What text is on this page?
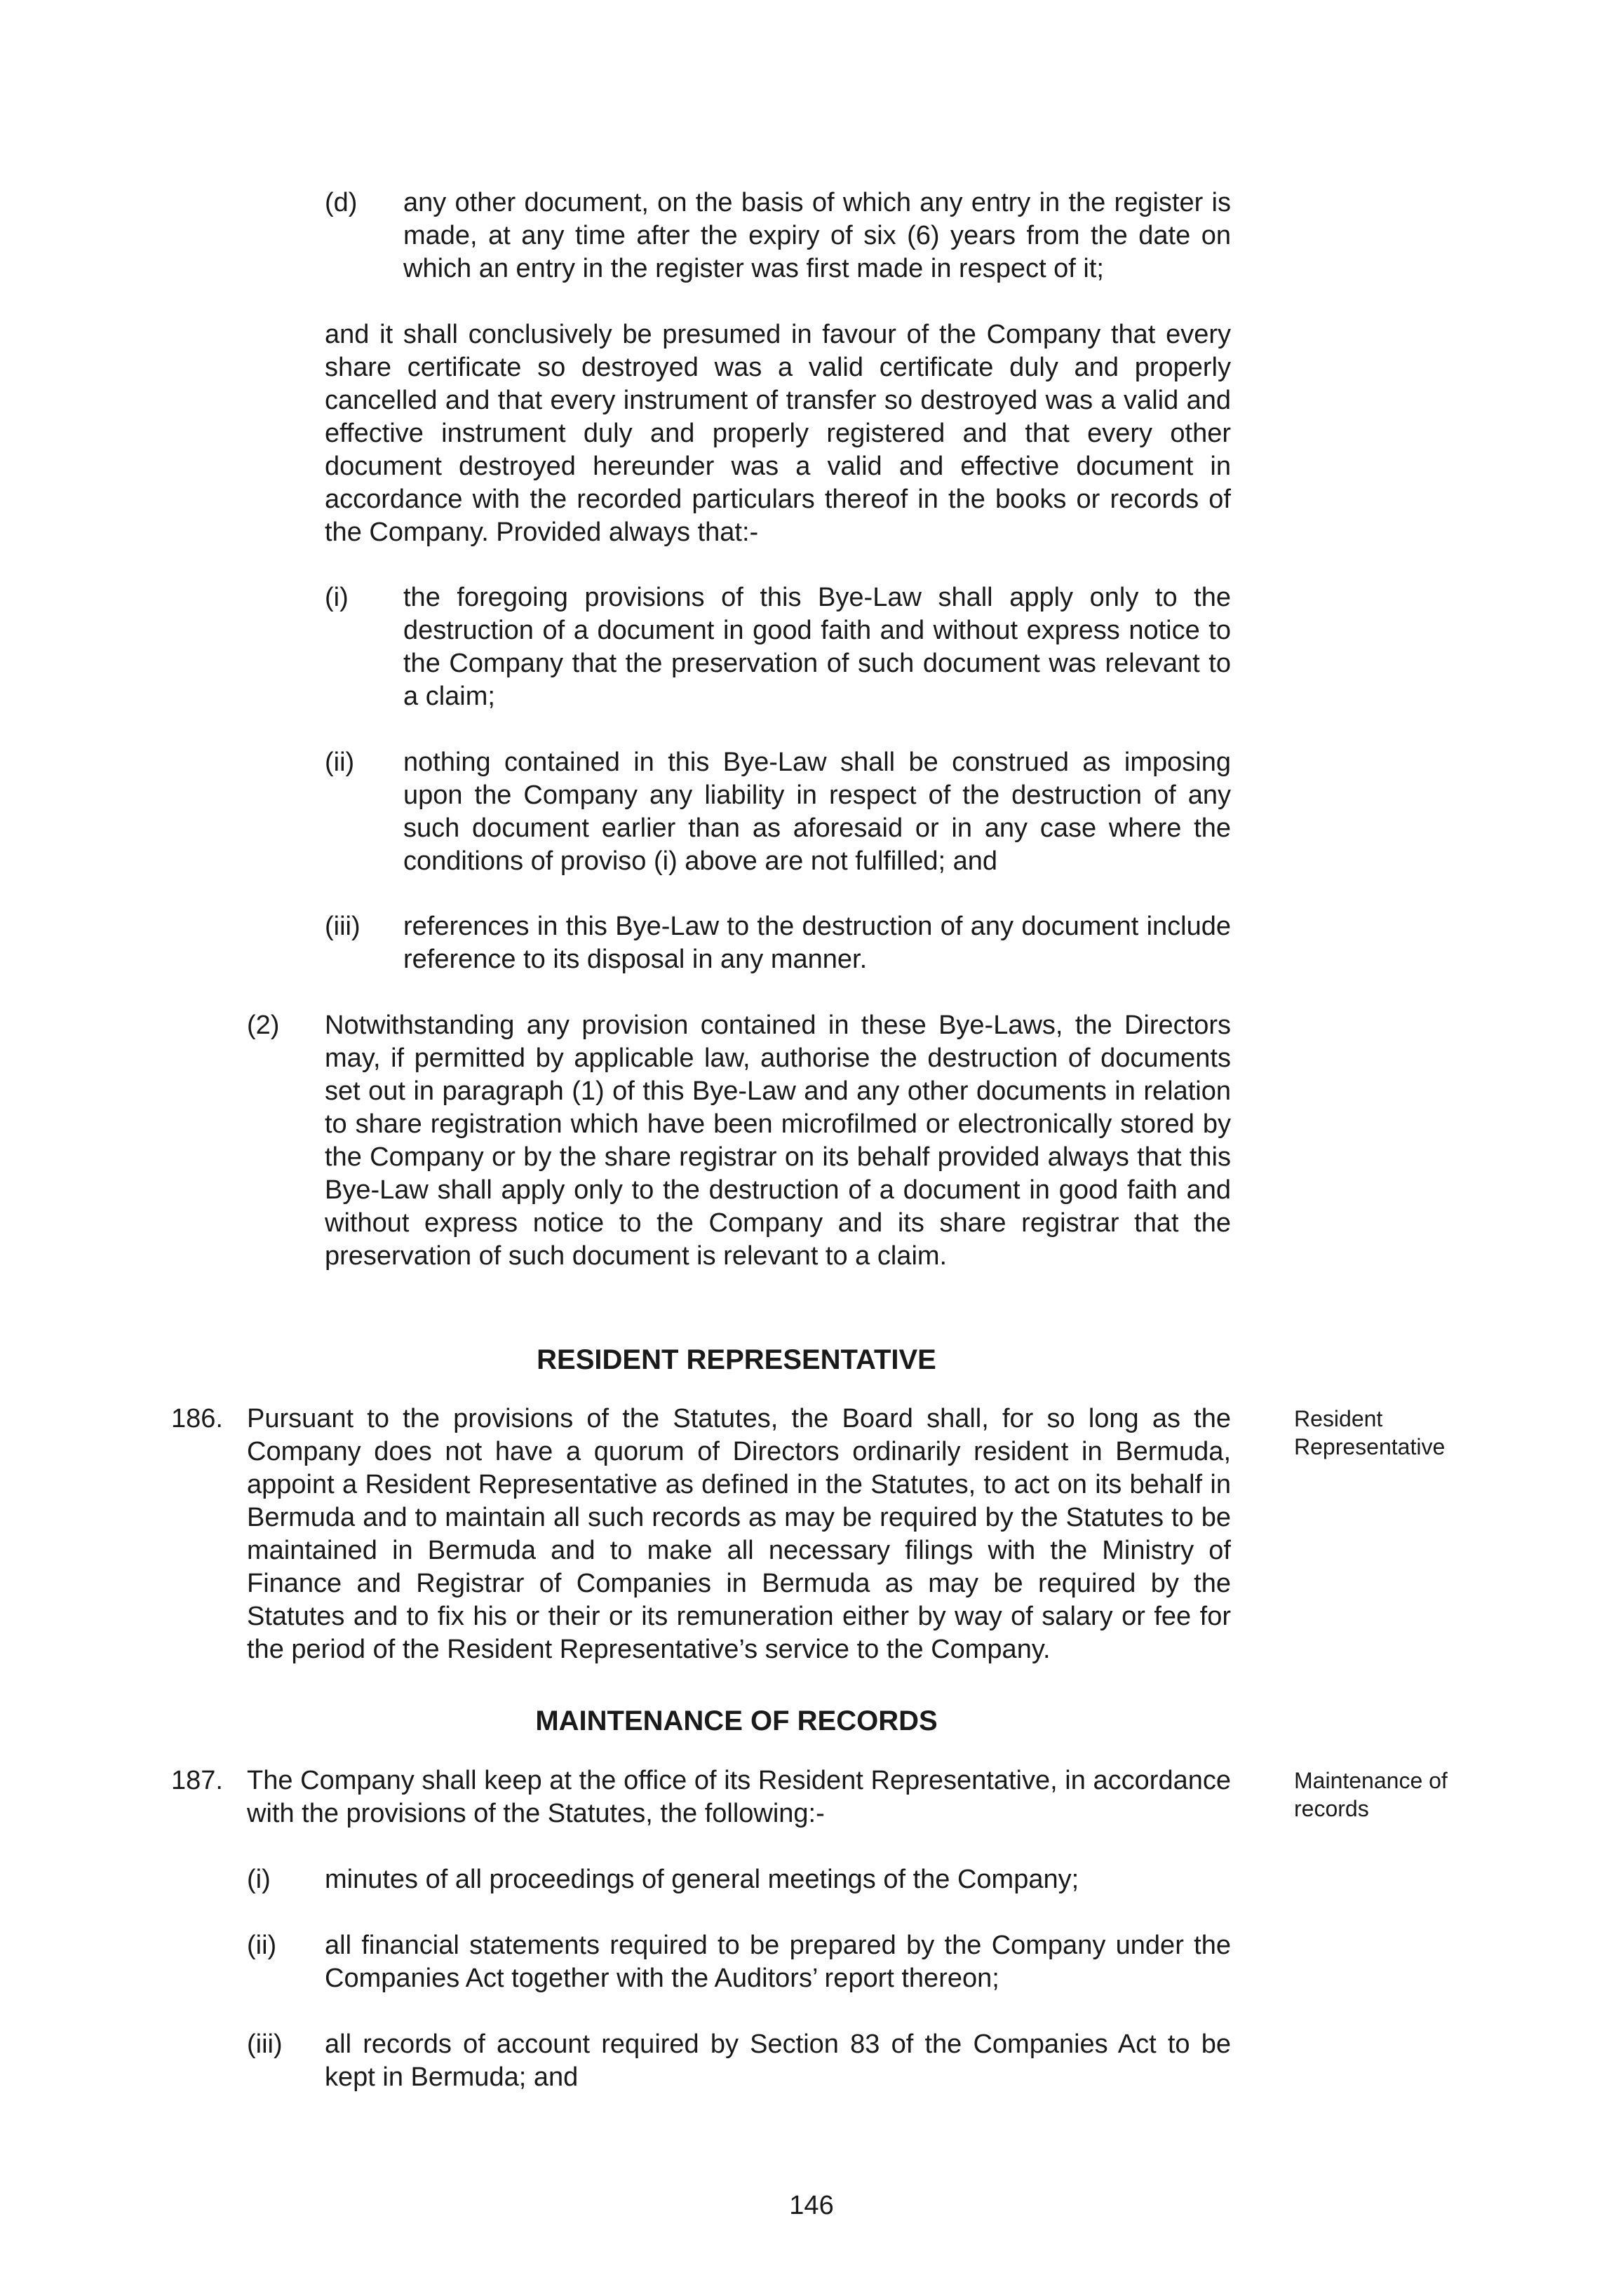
(d) any other document, on the basis of which any entry in the register is made, at any time after the expiry of six (6) years from the date on which an entry in the register was first made in respect of it;

and it shall conclusively be presumed in favour of the Company that every share certificate so destroyed was a valid certificate duly and properly cancelled and that every instrument of transfer so destroyed was a valid and effective instrument duly and properly registered and that every other document destroyed hereunder was a valid and effective document in accordance with the recorded particulars thereof in the books or records of the Company. Provided always that:-

(i) the foregoing provisions of this Bye-Law shall apply only to the destruction of a document in good faith and without express notice to the Company that the preservation of such document was relevant to a claim;

(ii) nothing contained in this Bye-Law shall be construed as imposing upon the Company any liability in respect of the destruction of any such document earlier than as aforesaid or in any case where the conditions of proviso (i) above are not fulfilled; and

(iii) references in this Bye-Law to the destruction of any document include reference to its disposal in any manner.

(2) Notwithstanding any provision contained in these Bye-Laws, the Directors may, if permitted by applicable law, authorise the destruction of documents set out in paragraph (1) of this Bye-Law and any other documents in relation to share registration which have been microfilmed or electronically stored by the Company or by the share registrar on its behalf provided always that this Bye-Law shall apply only to the destruction of a document in good faith and without express notice to the Company and its share registrar that the preservation of such document is relevant to a claim.

RESIDENT REPRESENTATIVE
186. Pursuant to the provisions of the Statutes, the Board shall, for so long as the Company does not have a quorum of Directors ordinarily resident in Bermuda, appoint a Resident Representative as defined in the Statutes, to act on its behalf in Bermuda and to maintain all such records as may be required by the Statutes to be maintained in Bermuda and to make all necessary filings with the Ministry of Finance and Registrar of Companies in Bermuda as may be required by the Statutes and to fix his or their or its remuneration either by way of salary or fee for the period of the Resident Representative’s service to the Company.

Resident Representative

MAINTENANCE OF RECORDS
187. The Company shall keep at the office of its Resident Representative, in accordance with the provisions of the Statutes, the following:-

Maintenance of records

(i) minutes of all proceedings of general meetings of the Company;

(ii) all financial statements required to be prepared by the Company under the Companies Act together with the Auditors’ report thereon;

(iii) all records of account required by Section 83 of the Companies Act to be kept in Bermuda; and

146
